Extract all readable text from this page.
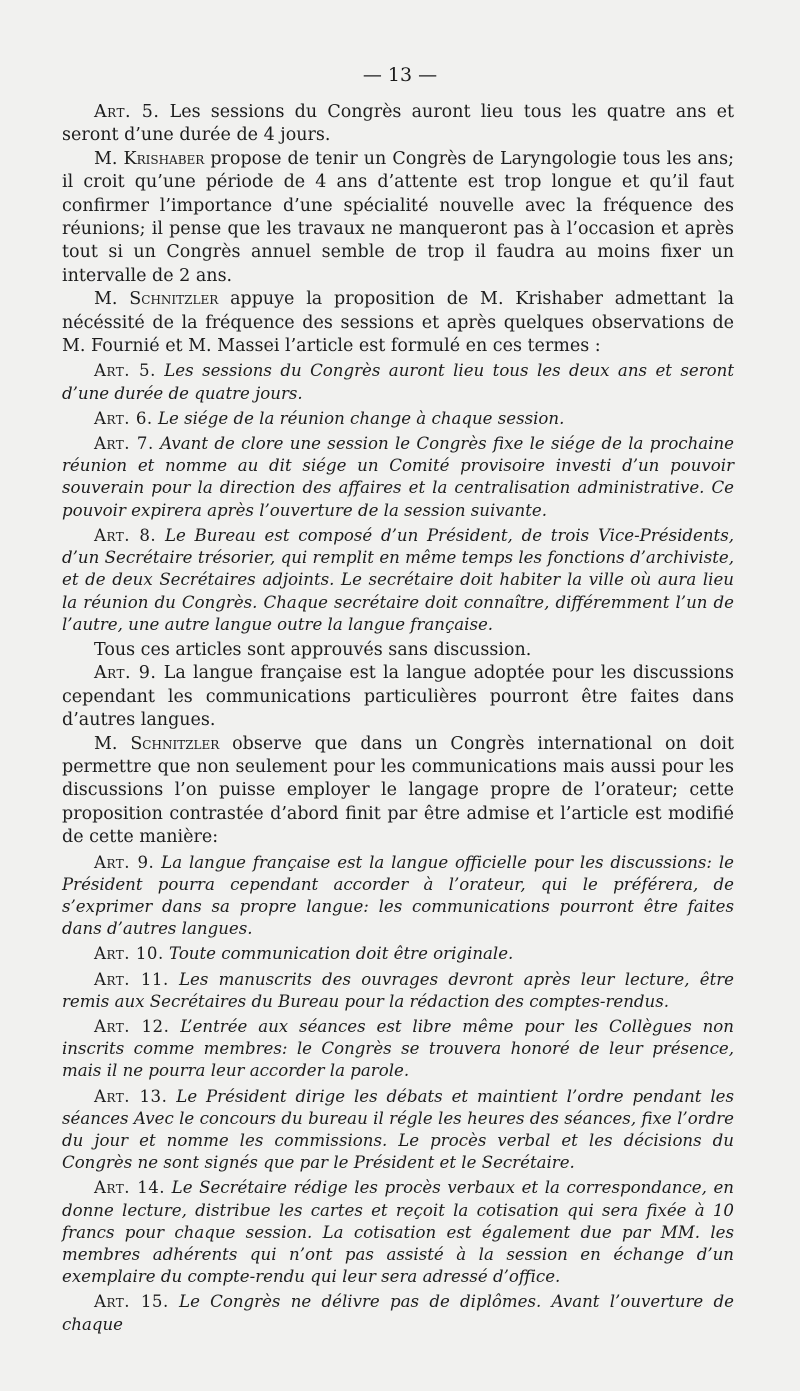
— 13 —

Art. 5. Les sessions du Congrès auront lieu tous les quatre ans et seront d’une durée de 4 jours.

M. Krishaber propose de tenir un Congrès de Laryngologie tous les ans; il croit qu’une période de 4 ans d’attente est trop longue et qu’il faut confirmer l’importance d’une spécialité nouvelle avec la fréquence des réunions; il pense que les travaux ne manqueront pas à l’occasion et après tout si un Congrès annuel semble de trop il faudra au moins fixer un intervalle de 2 ans.

M. Schnitzler appuye la proposition de M. Krishaber admettant la nécéssité de la fréquence des sessions et après quelques observations de M. Fournié et M. Massei l’article est formulé en ces termes :

Art. 5. Les sessions du Congrès auront lieu tous les deux ans et seront d’une durée de quatre jours.

Art. 6. Le siége de la réunion change à chaque session.

Art. 7. Avant de clore une session le Congrès fixe le siége de la prochaine réunion et nomme au dit siége un Comité provisoire investi d’un pouvoir souverain pour la direction des affaires et la centralisation administrative. Ce pouvoir expirera après l’ouverture de la session suivante.

Art. 8. Le Bureau est composé d’un Président, de trois Vice-Présidents, d’un Secrétaire trésorier, qui remplit en même temps les fonctions d’archiviste, et de deux Secrétaires adjoints. Le secrétaire doit habiter la ville où aura lieu la réunion du Congrès. Chaque secrétaire doit connaître, différemment l’un de l’autre, une autre langue outre la langue française.

Tous ces articles sont approuvés sans discussion.

Art. 9. La langue française est la langue adoptée pour les discussions cependant les communications particulières pourront être faites dans d’autres langues.

M. Schnitzler observe que dans un Congrès international on doit permettre que non seulement pour les communications mais aussi pour les discussions l’on puisse employer le langage propre de l’orateur; cette proposition contrastée d’abord finit par être admise et l’article est modifié de cette manière:

Art. 9. La langue française est la langue officielle pour les discussions: le Président pourra cependant accorder à l’orateur, qui le préférera, de s’exprimer dans sa propre langue: les communications pourront être faites dans d’autres langues.

Art. 10. Toute communication doit être originale.

Art. 11. Les manuscrits des ouvrages devront après leur lecture, être remis aux Secrétaires du Bureau pour la rédaction des comptes-rendus.

Art. 12. L’entrée aux séances est libre même pour les Collègues non inscrits comme membres: le Congrès se trouvera honoré de leur présence, mais il ne pourra leur accorder la parole.

Art. 13. Le Président dirige les débats et maintient l’ordre pendant les séances Avec le concours du bureau il régle les heures des séances, fixe l’ordre du jour et nomme les commissions. Le procès verbal et les décisions du Congrès ne sont signés que par le Président et le Secrétaire.

Art. 14. Le Secrétaire rédige les procès verbaux et la correspondance, en donne lecture, distribue les cartes et reçoit la cotisation qui sera fixée à 10 francs pour chaque session. La cotisation est également due par MM. les membres adhérents qui n’ont pas assisté à la session en échange d’un exemplaire du compte-rendu qui leur sera adressé d’office.

Art. 15. Le Congrès ne délivre pas de diplômes. Avant l’ouverture de chaque
